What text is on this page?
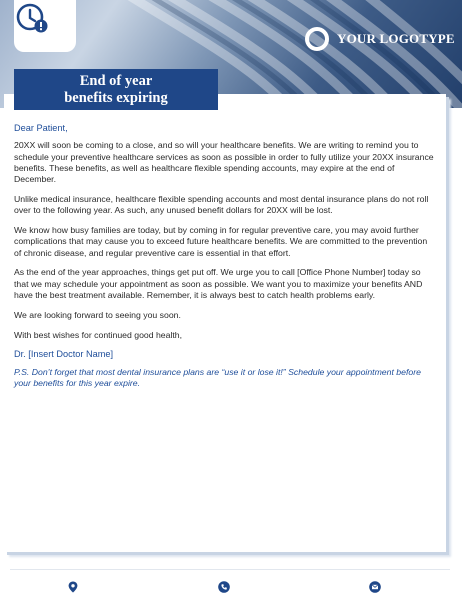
YOUR LOGOTYPE
End of year
benefits expiring

Dear Patient,

20XX will soon be coming to a close, and so will your healthcare benefits. We are writing to remind you to schedule your preventive healthcare services as soon as possible in order to fully utilize your 20XX insurance benefits. These benefits, as well as healthcare flexible spending accounts, may expire at the end of December.

Unlike medical insurance, healthcare flexible spending accounts and most dental insurance plans do not roll over to the following year. As such, any unused benefit dollars for 20XX will be lost.

We know how busy families are today, but by coming in for regular preventive care, you may avoid further complications that may cause you to exceed future healthcare benefits. We are committed to the prevention of chronic disease, and regular preventive care is essential in that effort.

As the end of the year approaches, things get put off. We urge you to call [Office Phone Number] today so that we may schedule your appointment as soon as possible. We want you to maximize your benefits AND have the best treatment available. Remember, it is always best to catch health problems early.

We are looking forward to seeing you soon.

With best wishes for continued good health,

Dr. [Insert Doctor Name]

P.S. Don’t forget that most dental insurance plans are “use it or lose it!” Schedule your appointment before your benefits for this year expire.
